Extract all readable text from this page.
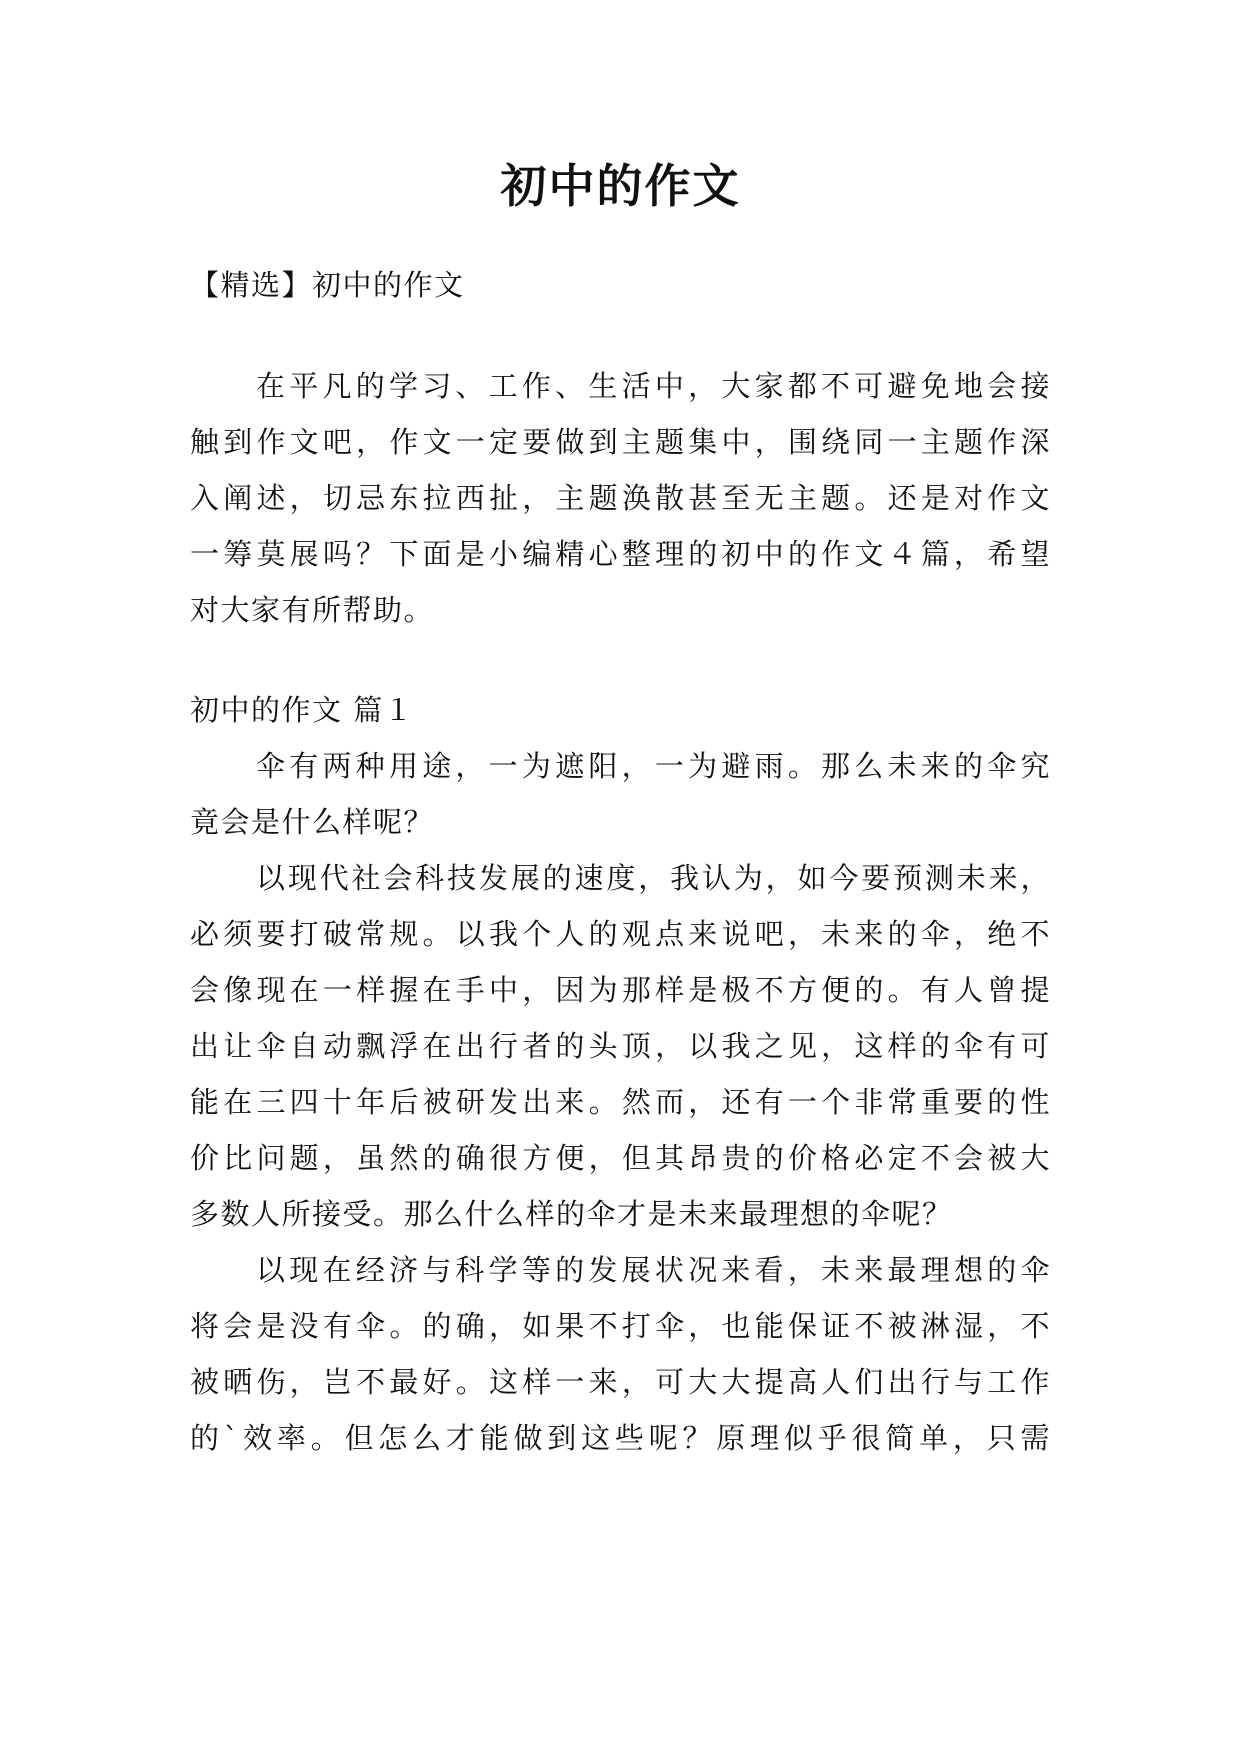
初中的作文
【精选】初中的作文
在平凡的学习、工作、生活中，大家都不可避免地会接
触到作文吧，作文一定要做到主题集中，围绕同一主题作深
入阐述，切忌东拉西扯，主题涣散甚至无主题。还是对作文
一筹莫展吗？下面是小编精心整理的初中的作文４篇，希望
对大家有所帮助。
初中的作文 篇１
伞有两种用途，一为遮阳，一为避雨。那么未来的伞究
竟会是什么样呢？
以现代社会科技发展的速度，我认为，如今要预测未来，
必须要打破常规。以我个人的观点来说吧，未来的伞，绝不
会像现在一样握在手中，因为那样是极不方便的。有人曾提
出让伞自动飘浮在出行者的头顶，以我之见，这样的伞有可
能在三四十年后被研发出来。然而，还有一个非常重要的性
价比问题，虽然的确很方便，但其昂贵的价格必定不会被大
多数人所接受。那么什么样的伞才是未来最理想的伞呢？
以现在经济与科学等的发展状况来看，未来最理想的伞
将会是没有伞。的确，如果不打伞，也能保证不被淋湿，不
被晒伤，岂不最好。这样一来，可大大提高人们出行与工作
的`效率。但怎么才能做到这些呢？原理似乎很简单，只需
